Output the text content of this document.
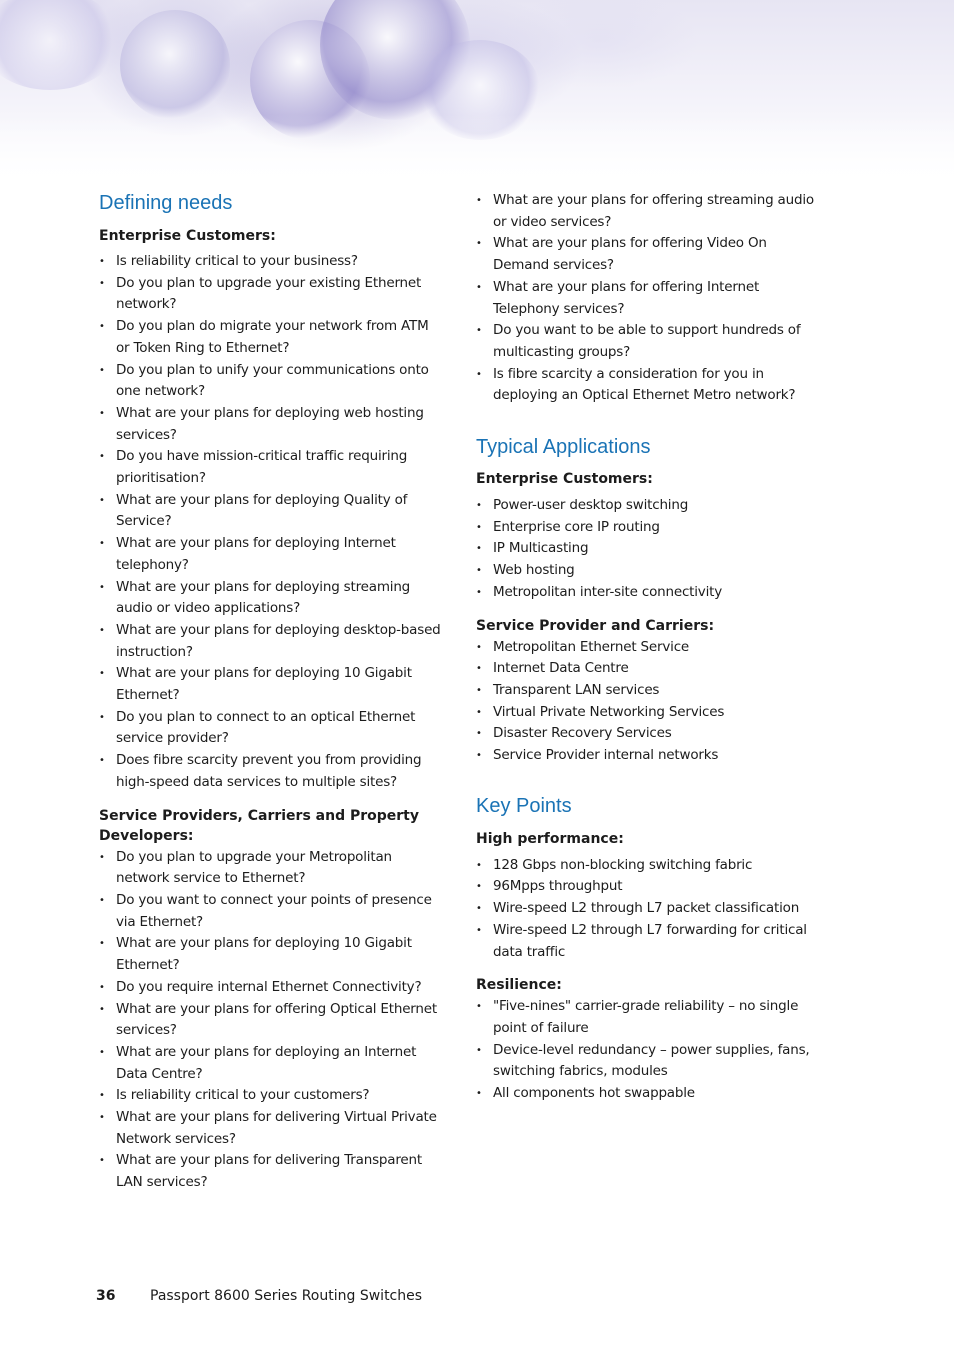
Defining needs
Enterprise Customers:
• Is reliability critical to your business?
• Do you plan to upgrade your existing Ethernet network?
• Do you plan do migrate your network from ATM or Token Ring to Ethernet?
• Do you plan to unify your communications onto one network?
• What are your plans for deploying web hosting services?
• Do you have mission-critical traffic requiring prioritisation?
• What are your plans for deploying Quality of Service?
• What are your plans for deploying Internet telephony?
• What are your plans for deploying streaming audio or video applications?
• What are your plans for deploying desktop-based instruction?
• What are your plans for deploying 10 Gigabit Ethernet?
• Do you plan to connect to an optical Ethernet service provider?
• Does fibre scarcity prevent you from providing high-speed data services to multiple sites?
Service Providers, Carriers and Property Developers:
• Do you plan to upgrade your Metropolitan network service to Ethernet?
• Do you want to connect your points of presence via Ethernet?
• What are your plans for deploying 10 Gigabit Ethernet?
• Do you require internal Ethernet Connectivity?
• What are your plans for offering Optical Ethernet services?
• What are your plans for deploying an Internet Data Centre?
• Is reliability critical to your customers?
• What are your plans for delivering Virtual Private Network services?
• What are your plans for delivering Transparent LAN services?
• What are your plans for offering streaming audio or video services?
• What are your plans for offering Video On Demand services?
• What are your plans for offering Internet Telephony services?
• Do you want to be able to support hundreds of multicasting groups?
• Is fibre scarcity a consideration for you in deploying an Optical Ethernet Metro network?
Typical Applications
Enterprise Customers:
• Power-user desktop switching
• Enterprise core IP routing
• IP Multicasting
• Web hosting
• Metropolitan inter-site connectivity
Service Provider and Carriers:
• Metropolitan Ethernet Service
• Internet Data Centre
• Transparent LAN services
• Virtual Private Networking Services
• Disaster Recovery Services
• Service Provider internal networks
Key Points
High performance:
• 128 Gbps non-blocking switching fabric
• 96Mpps throughput
• Wire-speed L2 through L7 packet classification
• Wire-speed L2 through L7 forwarding for critical data traffic
Resilience:
• "Five-nines" carrier-grade reliability – no single point of failure
• Device-level redundancy – power supplies, fans, switching fabrics, modules
• All components hot swappable
36 Passport 8600 Series Routing Switches
